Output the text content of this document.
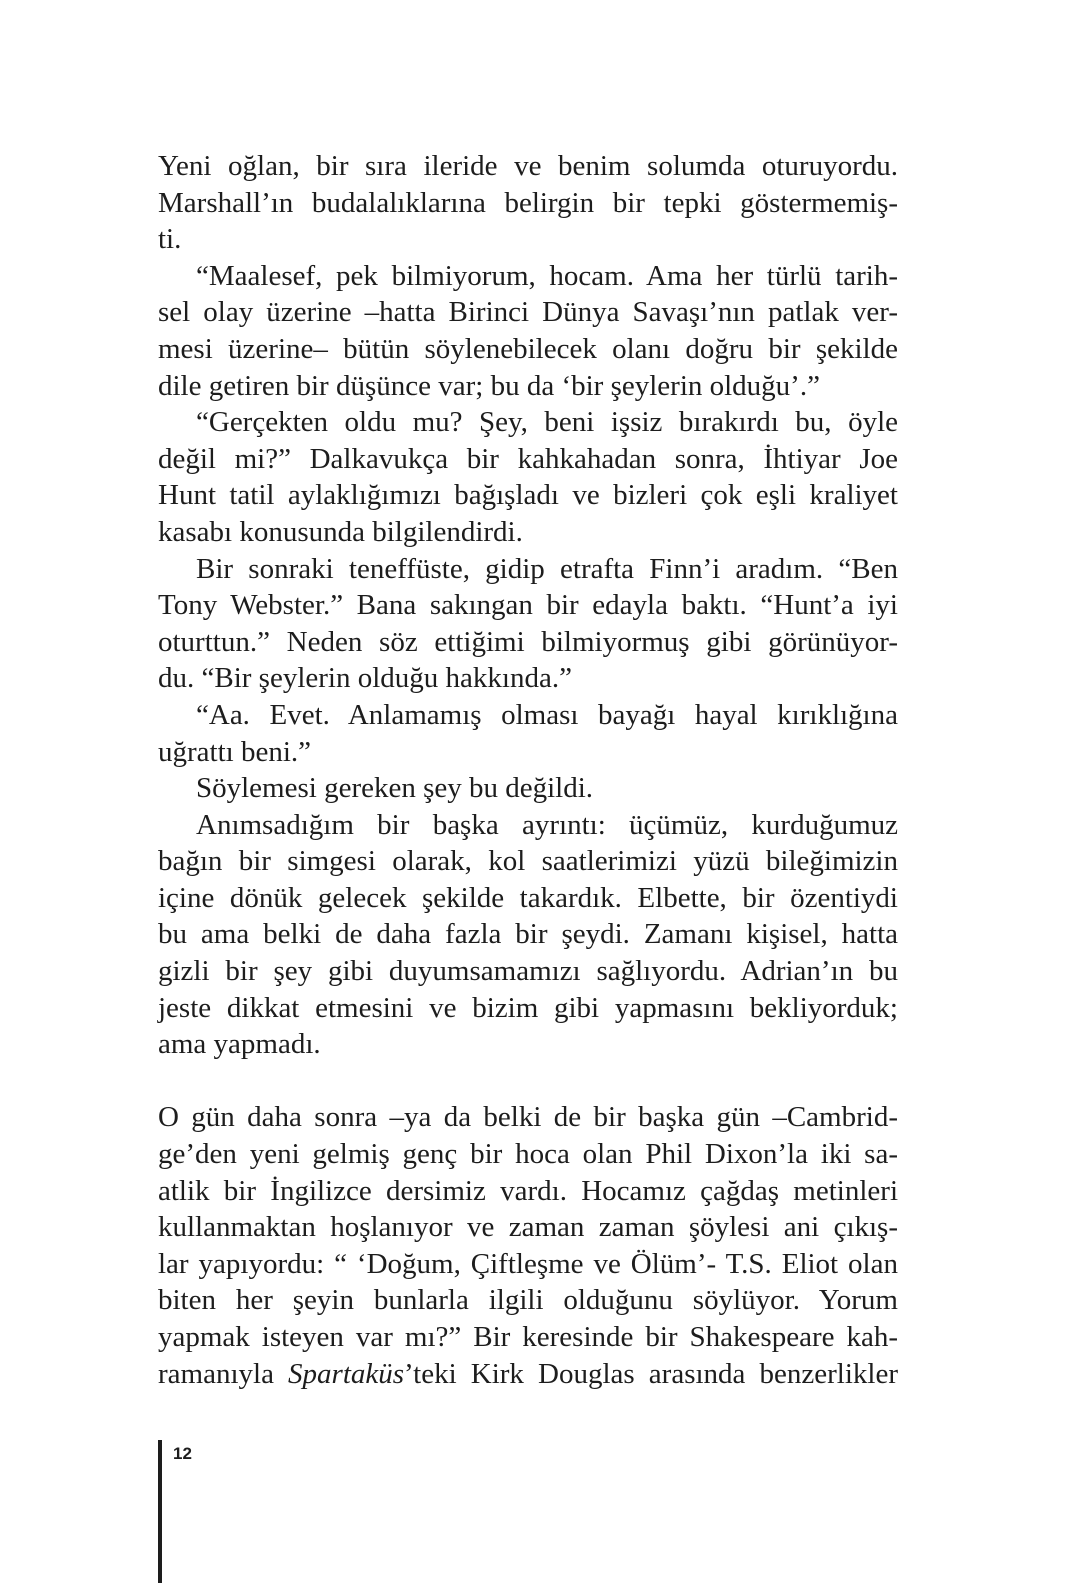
Yeni oğlan, bir sıra ileride ve benim solumda oturuyordu.
Marshall’ın budalalıklarına belirgin bir tepki göstermemiş-
ti.
“Maalesef, pek bilmiyorum, hocam. Ama her türlü tarih-
sel olay üzerine –hatta Birinci Dünya Savaşı’nın patlak ver-
mesi üzerine– bütün söylenebilecek olanı doğru bir şekilde
dile getiren bir düşünce var; bu da ‘bir şeylerin olduğu’.”
“Gerçekten oldu mu? Şey, beni işsiz bırakırdı bu, öyle
değil mi?” Dalkavukça bir kahkahadan sonra, İhtiyar Joe
Hunt tatil aylaklığımızı bağışladı ve bizleri çok eşli kraliyet
kasabı konusunda bilgilendirdi.
Bir sonraki teneffüste, gidip etrafta Finn’i aradım. “Ben
Tony Webster.” Bana sakıngan bir edayla baktı. “Hunt’a iyi
oturttun.” Neden söz ettiğimi bilmiyormuş gibi görünüyor-
du. “Bir şeylerin olduğu hakkında.”
“Aa. Evet. Anlamamış olması bayağı hayal kırıklığına
uğrattı beni.”
Söylemesi gereken şey bu değildi.
Anımsadığım bir başka ayrıntı: üçümüz, kurduğumuz
bağın bir simgesi olarak, kol saatlerimizi yüzü bileğimizin
içine dönük gelecek şekilde takardık. Elbette, bir özentiydi
bu ama belki de daha fazla bir şeydi. Zamanı kişisel, hatta
gizli bir şey gibi duyumsamamızı sağlıyordu. Adrian’ın bu
jeste dikkat etmesini ve bizim gibi yapmasını bekliyorduk;
ama yapmadı.
O gün daha sonra –ya da belki de bir başka gün –Cambrid-
ge’den yeni gelmiş genç bir hoca olan Phil Dixon’la iki sa-
atlik bir İngilizce dersimiz vardı. Hocamız çağdaş metinleri
kullanmaktan hoşlanıyor ve zaman zaman şöylesi ani çıkış-
lar yapıyordu: “ ‘Doğum, Çiftleşme ve Ölüm’- T.S. Eliot olan
biten her şeyin bunlarla ilgili olduğunu söylüyor. Yorum
yapmak isteyen var mı?” Bir keresinde bir Shakespeare kah-
ramanıyla Spartaküs’teki Kirk Douglas arasında benzerlikler
12
